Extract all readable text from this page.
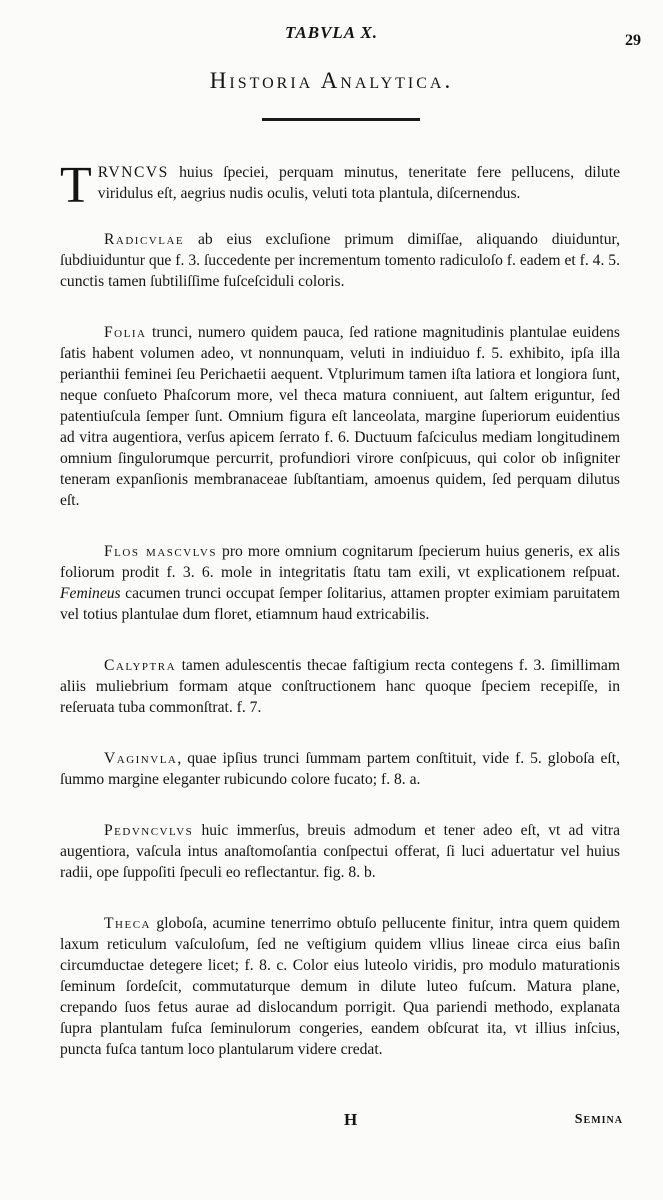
TABVLA X.	29
Historia Analytica.

TRVNCVS huius ſpeciei, perquam minutus, teneritate fere pellucens, dilute viridulus eſt, aegrius nudis oculis, veluti tota plantula, diſcernendus.

Radicvlae ab eius excluſione primum dimiſſae, aliquando diuiduntur, ſubdiuiduntur que f. 3. ſuccedente per incrementum tomento radiculoſo f. eadem et f. 4. 5. cunctis tamen ſubtiliſſime fuſceſciduli coloris.

Folia trunci, numero quidem pauca, ſed ratione magnitudinis plantulae euidens ſatis habent volumen adeo, vt nonnunquam, veluti in indiuiduo f. 5. exhibito, ipſa illa perianthii feminei ſeu Perichaetii aequent. Vtplurimum tamen iſta latiora et longiora ſunt, neque conſueto Phaſcorum more, vel theca matura conniuent, aut ſaltem eriguntur, ſed patentiuſcula ſemper ſunt. Omnium figura eſt lanceolata, margine ſuperiorum euidentius ad vitra augentiora, verſus apicem ſerrato f. 6. Ductuum faſciculus mediam longitudinem omnium ſingulorumque percurrit, profundiori virore conſpicuus, qui color ob inſigniter teneram expanſionis membranaceae ſubſtantiam, amoenus quidem, ſed perquam dilutus eſt.

Flos mascvlvs pro more omnium cognitarum ſpecierum huius generis, ex alis foliorum prodit f. 3. 6. mole in integritatis ſtatu tam exili, vt explicationem reſpuat. Femineus cacumen trunci occupat ſemper ſolitarius, attamen propter eximiam paruitatem vel totius plantulae dum floret, etiamnum haud extricabilis.

Calyptra tamen adulescentis thecae faſtigium recta contegens f. 3. ſimillimam aliis muliebrium formam atque conſtructionem hanc quoque ſpeciem recepiſſe, in reſeruata tuba commonſtrat. f. 7.

Vaginvla, quae ipſius trunci ſummam partem conſtituit, vide f. 5. globoſa eſt, ſummo margine eleganter rubicundo colore fucato; f. 8. a.

Pedvncvlvs huic immerſus, breuis admodum et tener adeo eſt, vt ad vitra augentiora, vaſcula intus anaſtomoſantia conſpectui offerat, ſi luci aduertatur vel huius radii, ope ſuppoſiti ſpeculi eo reflectantur. fig. 8. b.

Theca globoſa, acumine tenerrimo obtuſo pellucente finitur, intra quem quidem laxum reticulum vaſculoſum, ſed ne veſtigium quidem vllius lineae circa eius baſin circumductae detegere licet; f. 8. c. Color eius luteolo viridis, pro modulo maturationis ſeminum ſordeſcit, commutaturque demum in dilute luteo fuſcum. Matura plane, crepando ſuos fetus aurae ad dislocandum porrigit. Qua pariendi methodo, explanata ſupra plantulam fuſca ſeminulorum congeries, eandem obſcurat ita, vt illius inſcius, puncta fuſca tantum loco plantularum videre credat.

H	Semina
